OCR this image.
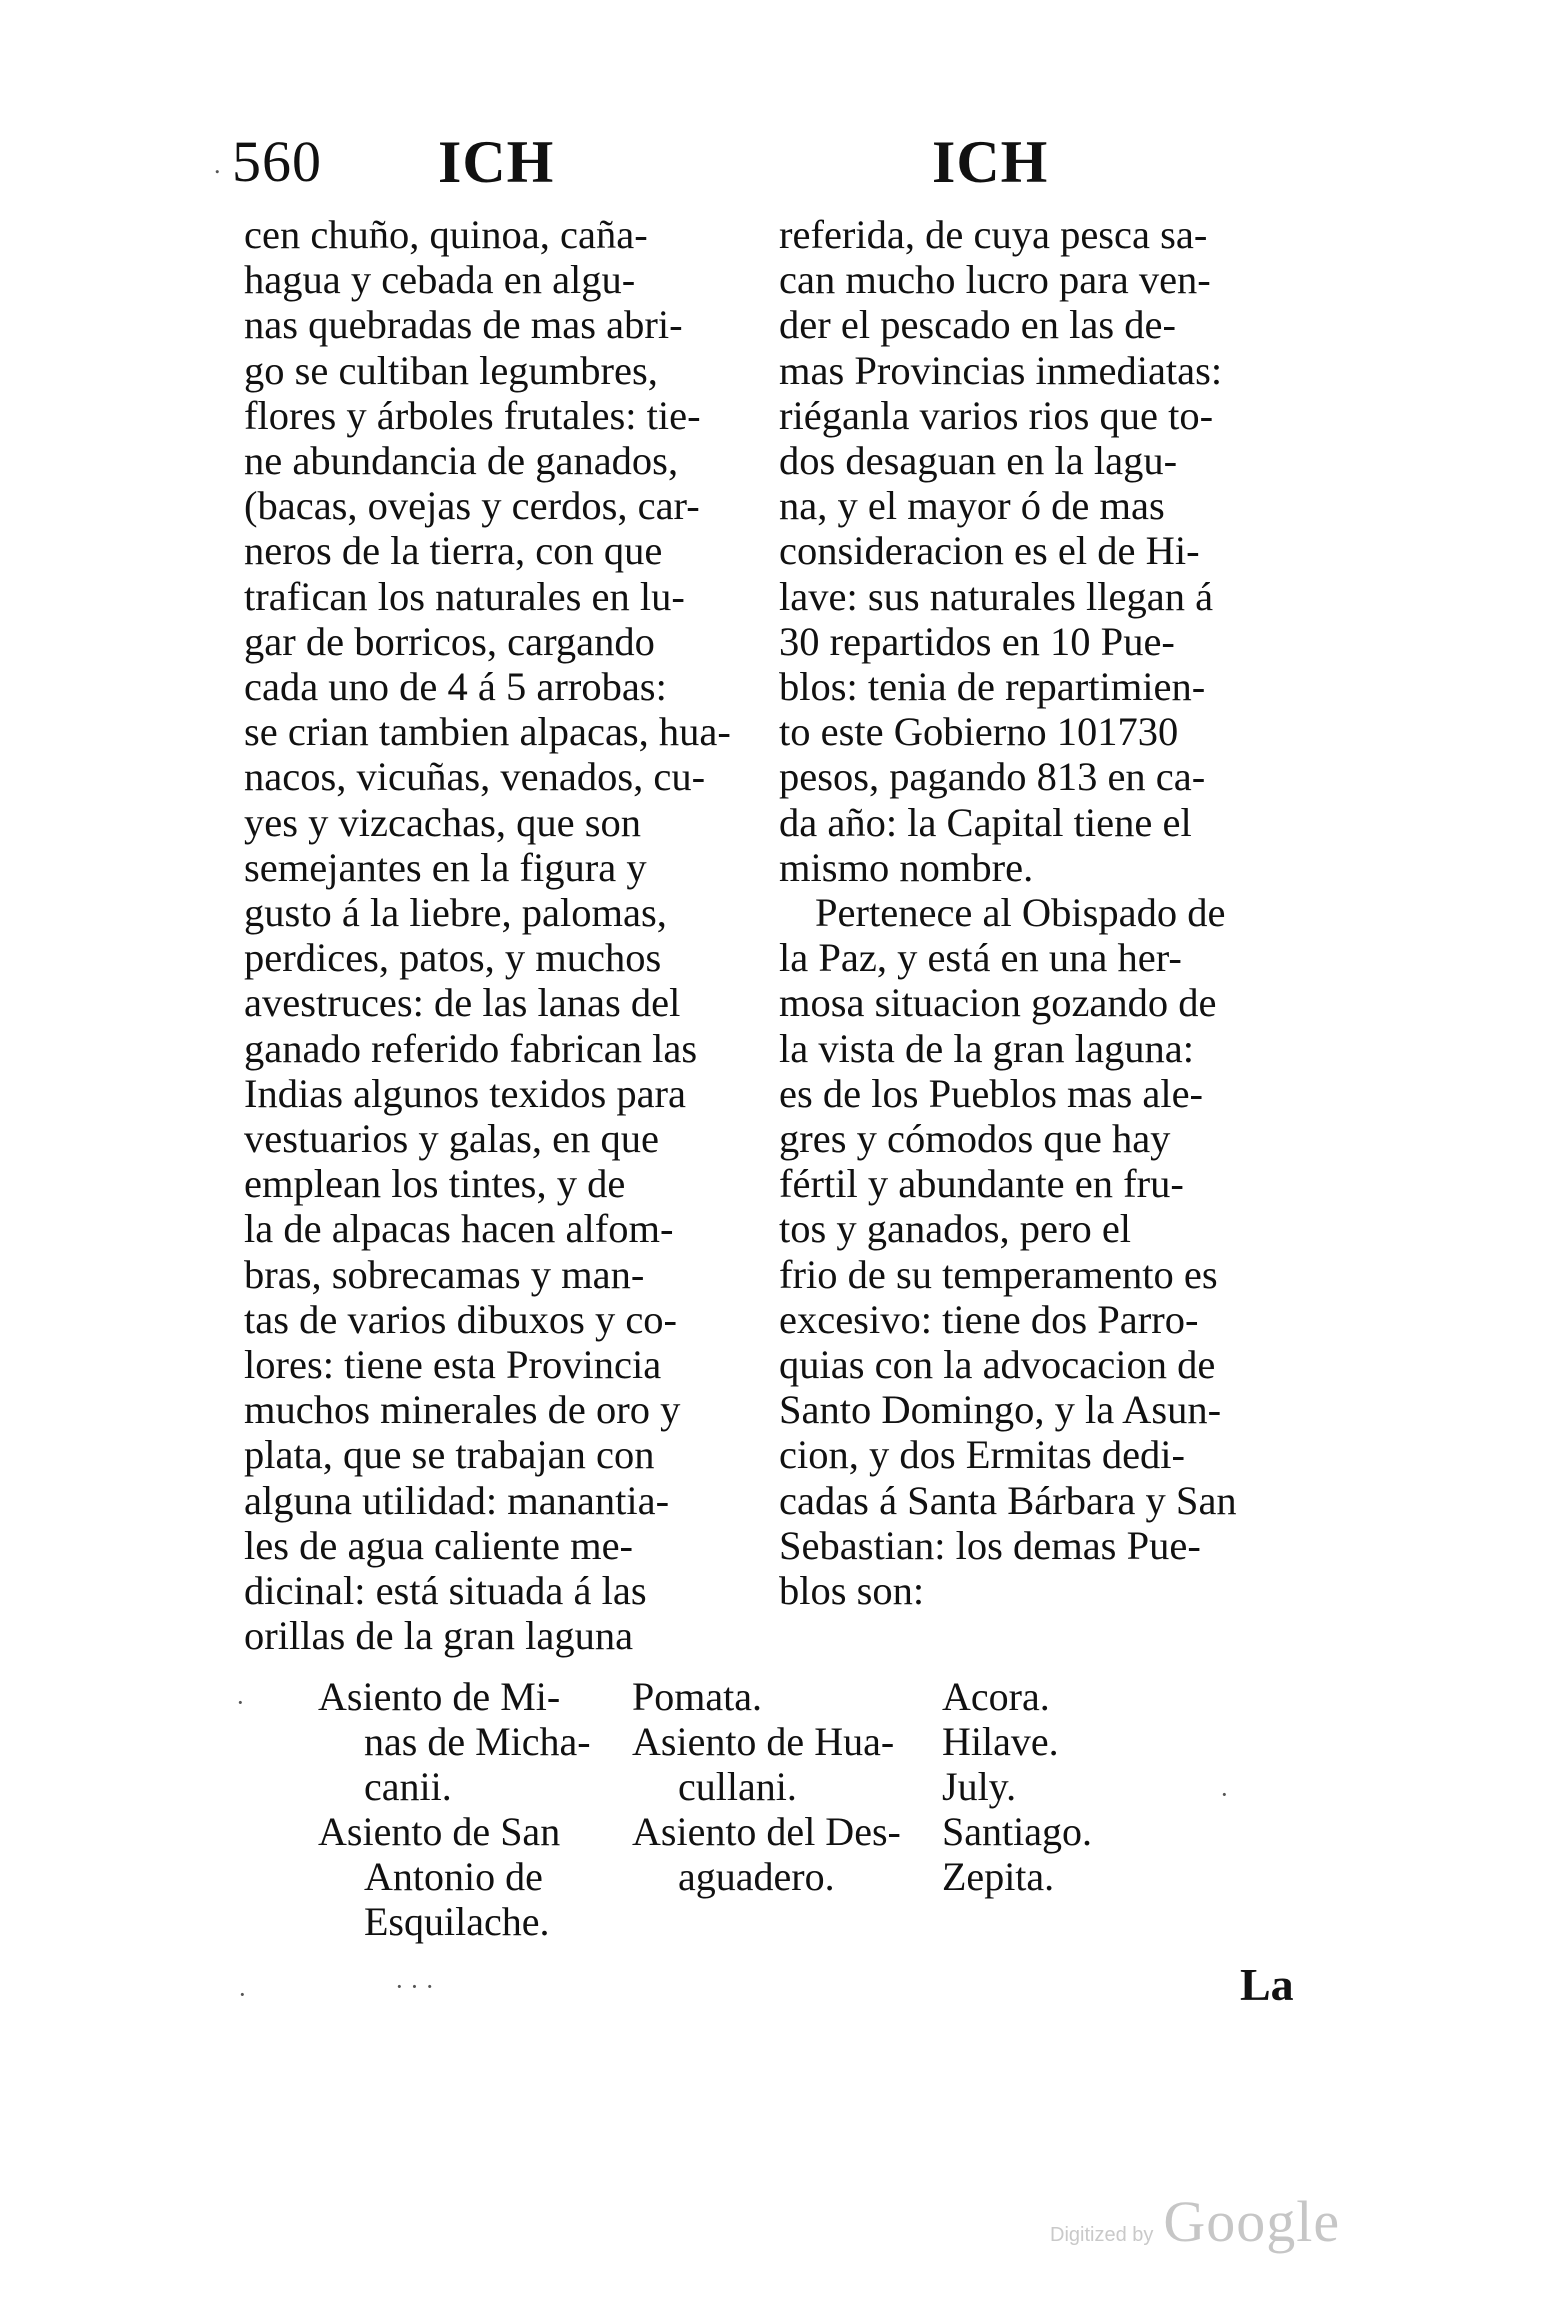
560 ICH	ICH
cen chuño, quinoa, caña-
hagua y cebada en algu-
nas quebradas de mas abri-
go se cultiban legumbres,
flores y árboles frutales: tie-
ne abundancia de ganados,
(bacas, ovejas y cerdos, car-
neros de la tierra, con que
trafican los naturales en lu-
gar de borricos, cargando
cada uno de 4 á 5 arrobas:
se crian tambien alpacas, hua-
nacos, vicuñas, venados, cu-
yes y vizcachas, que son
semejantes en la figura y
gusto á la liebre, palomas,
perdices, patos, y muchos
avestruces: de las lanas del
ganado referido fabrican las
Indias algunos texidos para
vestuarios y galas, en que
emplean los tintes, y de
la de alpacas hacen alfom-
bras, sobrecamas y man-
tas de varios dibuxos y co-
lores: tiene esta Provincia
muchos minerales de oro y
plata, que se trabajan con
alguna utilidad: manantia-
les de agua caliente me-
dicinal: está situada á las
orillas de la gran laguna
referida, de cuya pesca sa-
can mucho lucro para ven-
der el pescado en las de-
mas Provincias inmediatas:
riéganla varios rios que to-
dos desaguan en la lagu-
na, y el mayor ó de mas
consideracion es el de Hi-
lave: sus naturales llegan á
30 repartidos en 10 Pue-
blos: tenia de repartimien-
to este Gobierno 101730
pesos, pagando 813 en ca-
da año: la Capital tiene el
mismo nombre.
Pertenece al Obispado de
la Paz, y está en una her-
mosa situacion gozando de
la vista de la gran laguna:
es de los Pueblos mas ale-
gres y cómodos que hay
fértil y abundante en fru-
tos y ganados, pero el
frio de su temperamento es
excesivo: tiene dos Parro-
quias con la advocacion de
Santo Domingo, y la Asun-
cion, y dos Ermitas dedi-
cadas á Santa Bárbara y San
Sebastian: los demas Pue-
blos son:
Asiento de Mi-
nas de Micha-
canii.
Asiento de San
Antonio de
Esquilache.
Pomata.
Asiento de Hua-
cullani.
Asiento del Des-
aguadero.
Acora.
Hilave.
July.
Santiago.
Zepita.
La
.
·
·	· · ·
·
Digitized by Google
